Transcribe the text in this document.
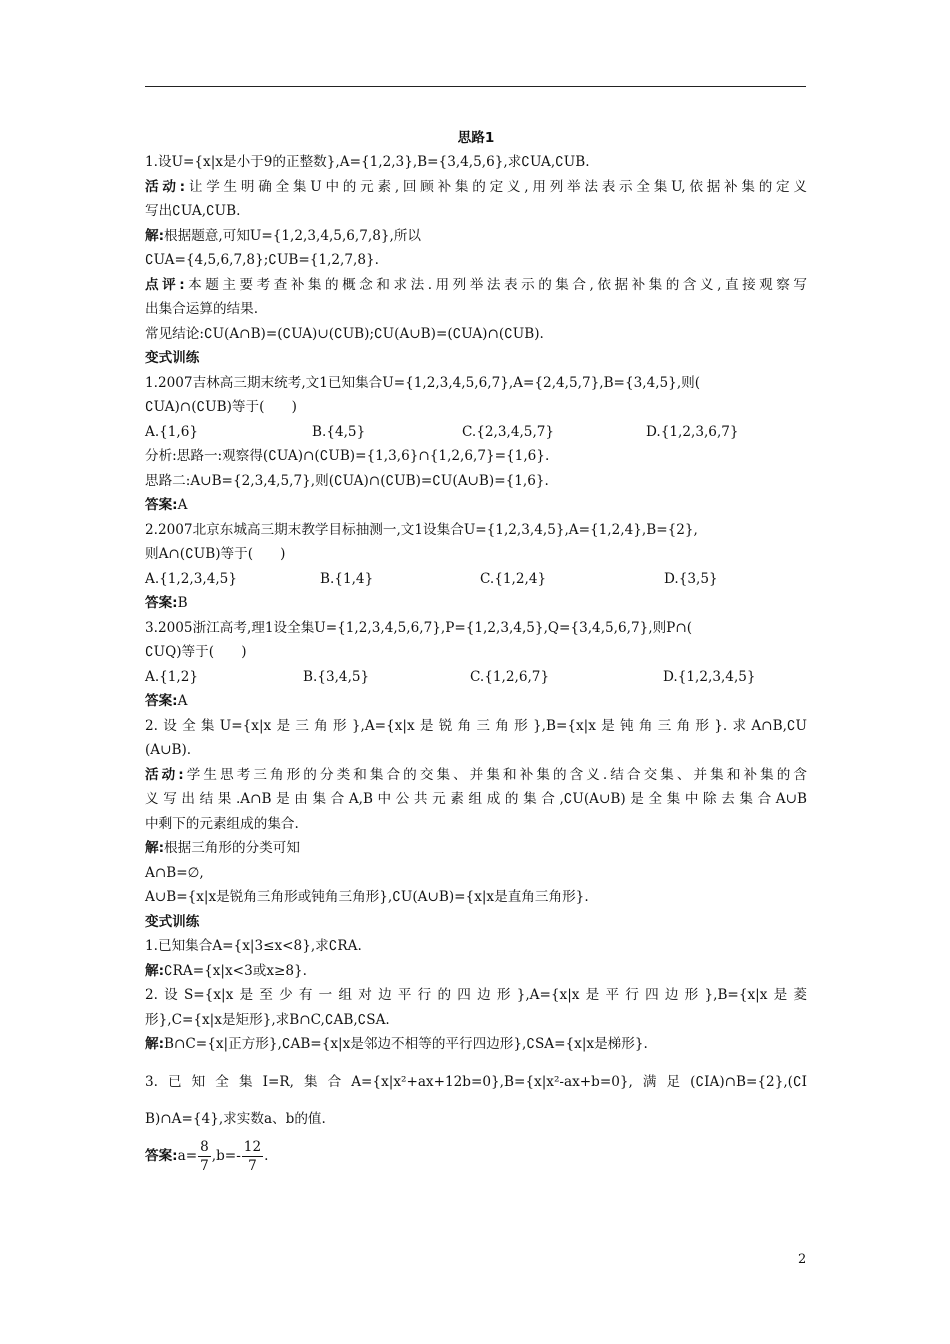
思路1
1.设U={x|x是小于9的正整数},A={1,2,3},B={3,4,5,6},求∁UA,∁UB.
活动:让学生明确全集U中的元素,回顾补集的定义,用列举法表示全集U,依据补集的定义
写出∁UA,∁UB.
解:根据题意,可知U={1,2,3,4,5,6,7,8},所以
∁UA={4,5,6,7,8};∁UB={1,2,7,8}.
点评:本题主要考查补集的概念和求法.用列举法表示的集合,依据补集的含义,直接观察写
出集合运算的结果.
常见结论:∁U(A∩B)=(∁UA)∪(∁UB);∁U(A∪B)=(∁UA)∩(∁UB).
变式训练
1.2007吉林高三期末统考,文1已知集合U={1,2,3,4,5,6,7},A={2,4,5,7},B={3,4,5},则(
∁UA)∩(∁UB)等于(　　)
A.{1,6}	B.{4,5}	C.{2,3,4,5,7}	D.{1,2,3,6,7}
分析:思路一:观察得(∁UA)∩(∁UB)={1,3,6}∩{1,2,6,7}={1,6}.
思路二:A∪B={2,3,4,5,7},则(∁UA)∩(∁UB)=∁U(A∪B)={1,6}.
答案:A
2.2007北京东城高三期末教学目标抽测一,文1设集合U={1,2,3,4,5},A={1,2,4},B={2},
则A∩(∁UB)等于(　　)
A.{1,2,3,4,5}	B.{1,4}	C.{1,2,4}	D.{3,5}
答案:B
3.2005浙江高考,理1设全集U={1,2,3,4,5,6,7},P={1,2,3,4,5},Q={3,4,5,6,7},则P∩(
∁UQ)等于(　　)
A.{1,2}	B.{3,4,5}	C.{1,2,6,7}	D.{1,2,3,4,5}
答案:A
2.设全集U={x|x是三角形},A={x|x是锐角三角形},B={x|x是钝角三角形}.求A∩B,∁U
(A∪B).
活动:学生思考三角形的分类和集合的交集、并集和补集的含义.结合交集、并集和补集的含
义写出结果.A∩B是由集合A,B中公共元素组成的集合,∁U(A∪B)是全集中除去集合A∪B
中剩下的元素组成的集合.
解:根据三角形的分类可知
A∩B=∅,
A∪B={x|x是锐角三角形或钝角三角形},∁U(A∪B)={x|x是直角三角形}.
变式训练
1.已知集合A={x|3≤x<8},求∁RA.
解:∁RA={x|x<3或x≥8}.
2.设S={x|x是至少有一组对边平行的四边形},A={x|x是平行四边形},B={x|x是菱
形},C={x|x是矩形},求B∩C,∁AB,∁SA.
解:B∩C={x|正方形},∁AB={x|x是邻边不相等的平行四边形},∁SA={x|x是梯形}.
3.已知全集I=R,集合A={x|x²+ax+12b=0},B={x|x²-ax+b=0},满足(∁IA)∩B={2},(∁I
B)∩A={4},求实数a、b的值.
答案:a= $\frac{8}{7} ,b=- \frac{12}{7}$ .
2
